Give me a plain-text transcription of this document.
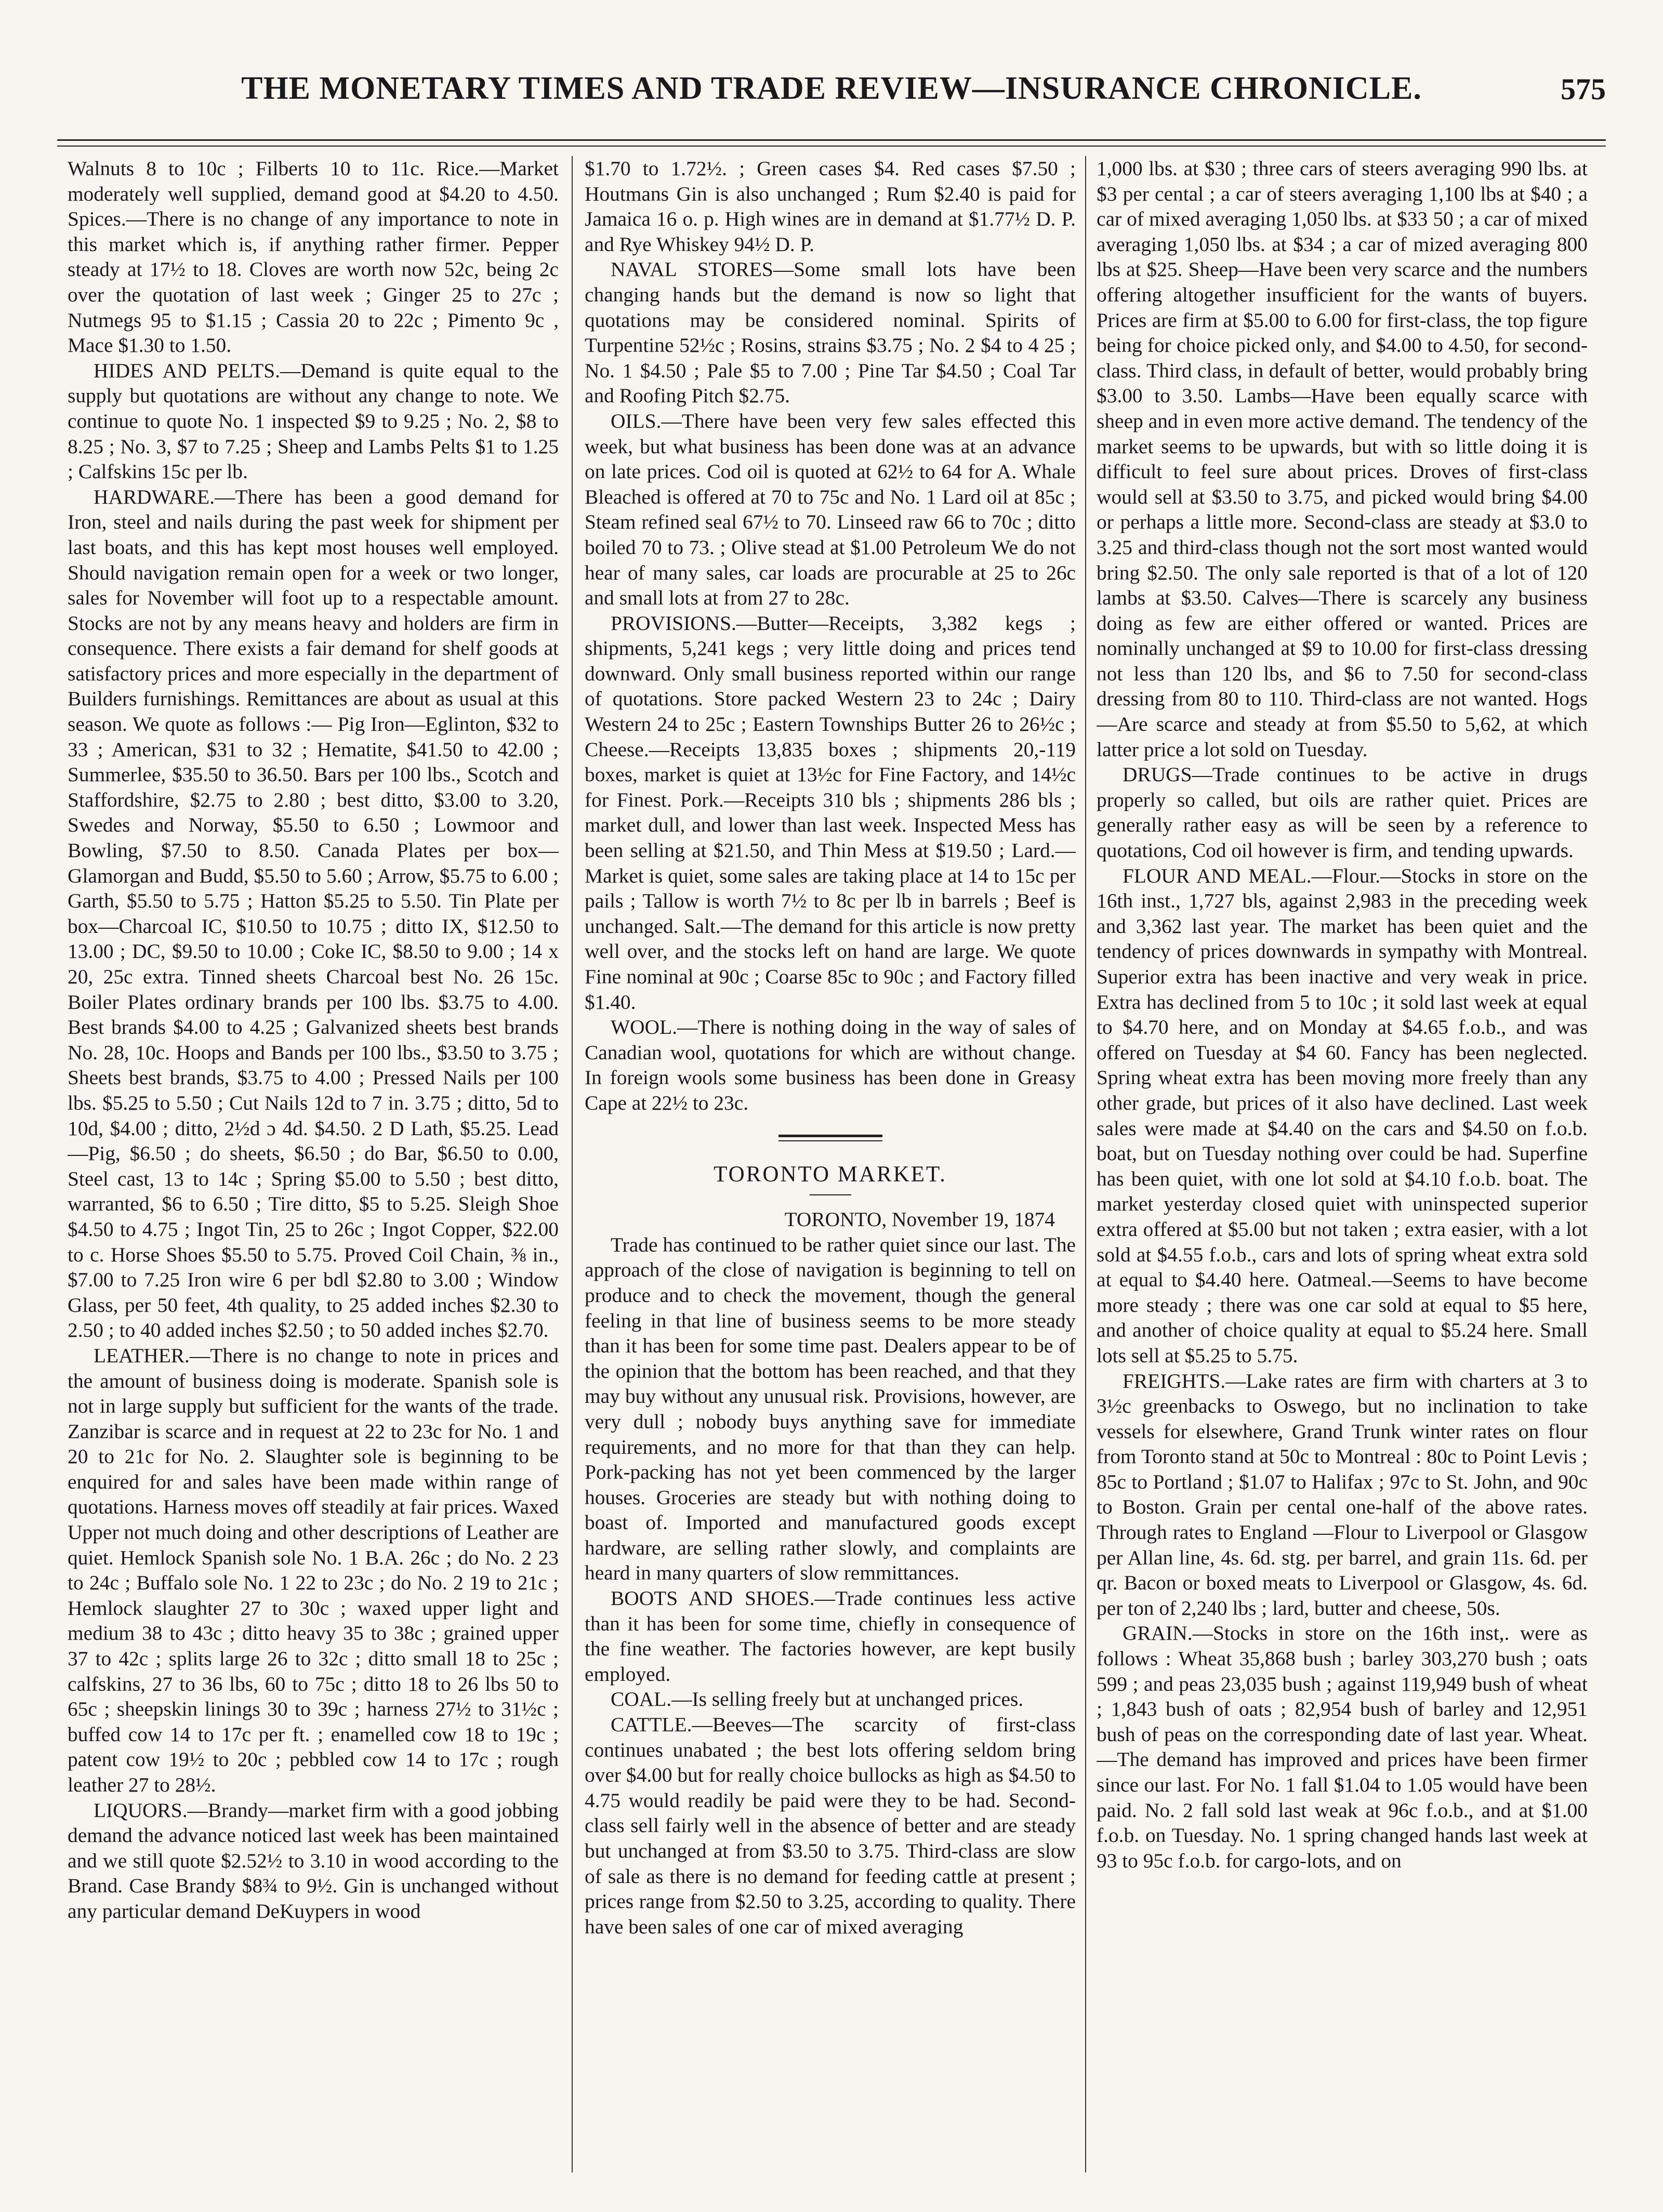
THE MONETARY TIMES AND TRADE REVIEW—INSURANCE CHRONICLE.	575

Walnuts 8 to 10c ; Filberts 10 to 11c. Rice.—Market moderately well supplied, demand good at $4.20 to 4.50. Spices.—There is no change of any importance to note in this market which is, if anything rather firmer. Pepper steady at 17½ to 18. Cloves are worth now 52c, being 2c over the quotation of last week ; Ginger 25 to 27c ; Nutmegs 95 to $1.15 ; Cassia 20 to 22c ; Pimento 9c , Mace $1.30 to 1.50.

HIDES AND PELTS.—Demand is quite equal to the supply but quotations are without any change to note. We continue to quote No. 1 inspected $9 to 9.25 ; No. 2, $8 to 8.25 ; No. 3, $7 to 7.25 ; Sheep and Lambs Pelts $1 to 1.25 ; Calfskins 15c per lb.

HARDWARE.—There has been a good demand for Iron, steel and nails during the past week for shipment per last boats, and this has kept most houses well employed. Should navigation remain open for a week or two longer, sales for November will foot up to a respectable amount. Stocks are not by any means heavy and holders are firm in consequence. There exists a fair demand for shelf goods at satisfactory prices and more especially in the department of Builders furnishings. Remittances are about as usual at this season. We quote as follows :— Pig Iron—Eglinton, $32 to 33 ; American, $31 to 32 ; Hematite, $41.50 to 42.00 ; Summerlee, $35.50 to 36.50. Bars per 100 lbs., Scotch and Staffordshire, $2.75 to 2.80 ; best ditto, $3.00 to 3.20, Swedes and Norway, $5.50 to 6.50 ; Lowmoor and Bowling, $7.50 to 8.50. Canada Plates per box—Glamorgan and Budd, $5.50 to 5.60 ; Arrow, $5.75 to 6.00 ; Garth, $5.50 to 5.75 ; Hatton $5.25 to 5.50. Tin Plate per box—Charcoal IC, $10.50 to 10.75 ; ditto IX, $12.50 to 13.00 ; DC, $9.50 to 10.00 ; Coke IC, $8.50 to 9.00 ; 14 x 20, 25c extra. Tinned sheets Charcoal best No. 26 15c. Boiler Plates ordinary brands per 100 lbs. $3.75 to 4.00. Best brands $4.00 to 4.25 ; Galvanized sheets best brands No. 28, 10c. Hoops and Bands per 100 lbs., $3.50 to 3.75 ; Sheets best brands, $3.75 to 4.00 ; Pressed Nails per 100 lbs. $5.25 to 5.50 ; Cut Nails 12d to 7 in. 3.75 ; ditto, 5d to 10d, $4.00 ; ditto, 2½d ɔ 4d. $4.50. 2 D Lath, $5.25. Lead—Pig, $6.50 ; do sheets, $6.50 ; do Bar, $6.50 to 0.00, Steel cast, 13 to 14c ; Spring $5.00 to 5.50 ; best ditto, warranted, $6 to 6.50 ; Tire ditto, $5 to 5.25. Sleigh Shoe $4.50 to 4.75 ; Ingot Tin, 25 to 26c ; Ingot Copper, $22.00 to c. Horse Shoes $5.50 to 5.75. Proved Coil Chain, ⅜ in., $7.00 to 7.25 Iron wire 6 per bdl $2.80 to 3.00 ; Window Glass, per 50 feet, 4th quality, to 25 added inches $2.30 to 2.50 ; to 40 added inches $2.50 ; to 50 added inches $2.70.

LEATHER.—There is no change to note in prices and the amount of business doing is moderate. Spanish sole is not in large supply but sufficient for the wants of the trade. Zanzibar is scarce and in request at 22 to 23c for No. 1 and 20 to 21c for No. 2. Slaughter sole is beginning to be enquired for and sales have been made within range of quotations. Harness moves off steadily at fair prices. Waxed Upper not much doing and other descriptions of Leather are quiet. Hemlock Spanish sole No. 1 B.A. 26c ; do No. 2 23 to 24c ; Buffalo sole No. 1 22 to 23c ; do No. 2 19 to 21c ; Hemlock slaughter 27 to 30c ; waxed upper light and medium 38 to 43c ; ditto heavy 35 to 38c ; grained upper 37 to 42c ; splits large 26 to 32c ; ditto small 18 to 25c ; calfskins, 27 to 36 lbs, 60 to 75c ; ditto 18 to 26 lbs 50 to 65c ; sheepskin linings 30 to 39c ; harness 27½ to 31½c ; buffed cow 14 to 17c per ft. ; enamelled cow 18 to 19c ; patent cow 19½ to 20c ; pebbled cow 14 to 17c ; rough leather 27 to 28½.

LIQUORS.—Brandy—market firm with a good jobbing demand the advance noticed last week has been maintained and we still quote $2.52½ to 3.10 in wood according to the Brand. Case Brandy $8¾ to 9½. Gin is unchanged without any particular demand DeKuypers in wood

$1.70 to 1.72½. ; Green cases $4. Red cases $7.50 ; Houtmans Gin is also unchanged ; Rum $2.40 is paid for Jamaica 16 o. p. High wines are in demand at $1.77½ D. P. and Rye Whiskey 94½ D. P.

NAVAL STORES—Some small lots have been changing hands but the demand is now so light that quotations may be considered nominal. Spirits of Turpentine 52½c ; Rosins, strains $3.75 ; No. 2 $4 to 4 25 ; No. 1 $4.50 ; Pale $5 to 7.00 ; Pine Tar $4.50 ; Coal Tar and Roofing Pitch $2.75.

OILS.—There have been very few sales effected this week, but what business has been done was at an advance on late prices. Cod oil is quoted at 62½ to 64 for A. Whale Bleached is offered at 70 to 75c and No. 1 Lard oil at 85c ; Steam refined seal 67½ to 70. Linseed raw 66 to 70c ; ditto boiled 70 to 73. ; Olive stead at $1.00 Petroleum We do not hear of many sales, car loads are procurable at 25 to 26c and small lots at from 27 to 28c.

PROVISIONS.—Butter—Receipts, 3,382 kegs ; shipments, 5,241 kegs ; very little doing and prices tend downward. Only small business reported within our range of quotations. Store packed Western 23 to 24c ; Dairy Western 24 to 25c ; Eastern Townships Butter 26 to 26½c ; Cheese.—Receipts 13,835 boxes ; shipments 20,-119 boxes, market is quiet at 13½c for Fine Factory, and 14½c for Finest. Pork.—Receipts 310 bls ; shipments 286 bls ; market dull, and lower than last week. Inspected Mess has been selling at $21.50, and Thin Mess at $19.50 ; Lard.—Market is quiet, some sales are taking place at 14 to 15c per pails ; Tallow is worth 7½ to 8c per lb in barrels ; Beef is unchanged. Salt.—The demand for this article is now pretty well over, and the stocks left on hand are large. We quote Fine nominal at 90c ; Coarse 85c to 90c ; and Factory filled $1.40.

WOOL.—There is nothing doing in the way of sales of Canadian wool, quotations for which are without change. In foreign wools some business has been done in Greasy Cape at 22½ to 23c.

TORONTO MARKET.

TORONTO, November 19, 1874

Trade has continued to be rather quiet since our last. The approach of the close of navigation is beginning to tell on produce and to check the movement, though the general feeling in that line of business seems to be more steady than it has been for some time past. Dealers appear to be of the opinion that the bottom has been reached, and that they may buy without any unusual risk. Provisions, however, are very dull ; nobody buys anything save for immediate requirements, and no more for that than they can help. Pork-packing has not yet been commenced by the larger houses. Groceries are steady but with nothing doing to boast of. Imported and manufactured goods except hardware, are selling rather slowly, and complaints are heard in many quarters of slow remmittances.

BOOTS AND SHOES.—Trade continues less active than it has been for some time, chiefly in consequence of the fine weather. The factories however, are kept busily employed.

COAL.—Is selling freely but at unchanged prices.

CATTLE.—Beeves—The scarcity of first-class continues unabated ; the best lots offering seldom bring over $4.00 but for really choice bullocks as high as $4.50 to 4.75 would readily be paid were they to be had. Second-class sell fairly well in the absence of better and are steady but unchanged at from $3.50 to 3.75. Third-class are slow of sale as there is no demand for feeding cattle at present ; prices range from $2.50 to 3.25, according to quality. There have been sales of one car of mixed averaging

1,000 lbs. at $30 ; three cars of steers averaging 990 lbs. at $3 per cental ; a car of steers averaging 1,100 lbs at $40 ; a car of mixed averaging 1,050 lbs. at $33 50 ; a car of mixed averaging 1,050 lbs. at $34 ; a car of mized averaging 800 lbs at $25. Sheep—Have been very scarce and the numbers offering altogether insufficient for the wants of buyers. Prices are firm at $5.00 to 6.00 for first-class, the top figure being for choice picked only, and $4.00 to 4.50, for second-class. Third class, in default of better, would probably bring $3.00 to 3.50. Lambs—Have been equally scarce with sheep and in even more active demand. The tendency of the market seems to be upwards, but with so little doing it is difficult to feel sure about prices. Droves of first-class would sell at $3.50 to 3.75, and picked would bring $4.00 or perhaps a little more. Second-class are steady at $3.0 to 3.25 and third-class though not the sort most wanted would bring $2.50. The only sale reported is that of a lot of 120 lambs at $3.50. Calves—There is scarcely any business doing as few are either offered or wanted. Prices are nominally unchanged at $9 to 10.00 for first-class dressing not less than 120 lbs, and $6 to 7.50 for second-class dressing from 80 to 110. Third-class are not wanted. Hogs—Are scarce and steady at from $5.50 to 5,62, at which latter price a lot sold on Tuesday.

DRUGS—Trade continues to be active in drugs properly so called, but oils are rather quiet. Prices are generally rather easy as will be seen by a reference to quotations, Cod oil however is firm, and tending upwards.

FLOUR AND MEAL.—Flour.—Stocks in store on the 16th inst., 1,727 bls, against 2,983 in the preceding week and 3,362 last year. The market has been quiet and the tendency of prices downwards in sympathy with Montreal. Superior extra has been inactive and very weak in price. Extra has declined from 5 to 10c ; it sold last week at equal to $4.70 here, and on Monday at $4.65 f.o.b., and was offered on Tuesday at $4 60. Fancy has been neglected. Spring wheat extra has been moving more freely than any other grade, but prices of it also have declined. Last week sales were made at $4.40 on the cars and $4.50 on f.o.b. boat, but on Tuesday nothing over could be had. Superfine has been quiet, with one lot sold at $4.10 f.o.b. boat. The market yesterday closed quiet with uninspected superior extra offered at $5.00 but not taken ; extra easier, with a lot sold at $4.55 f.o.b., cars and lots of spring wheat extra sold at equal to $4.40 here. Oatmeal.—Seems to have become more steady ; there was one car sold at equal to $5 here, and another of choice quality at equal to $5.24 here. Small lots sell at $5.25 to 5.75.

FREIGHTS.—Lake rates are firm with charters at 3 to 3½c greenbacks to Oswego, but no inclination to take vessels for elsewhere, Grand Trunk winter rates on flour from Toronto stand at 50c to Montreal : 80c to Point Levis ; 85c to Portland ; $1.07 to Halifax ; 97c to St. John, and 90c to Boston. Grain per cental one-half of the above rates. Through rates to England —Flour to Liverpool or Glasgow per Allan line, 4s. 6d. stg. per barrel, and grain 11s. 6d. per qr. Bacon or boxed meats to Liverpool or Glasgow, 4s. 6d. per ton of 2,240 lbs ; lard, butter and cheese, 50s.

GRAIN.—Stocks in store on the 16th inst,. were as follows : Wheat 35,868 bush ; barley 303,270 bush ; oats 599 ; and peas 23,035 bush ; against 119,949 bush of wheat ; 1,843 bush of oats ; 82,954 bush of barley and 12,951 bush of peas on the corresponding date of last year. Wheat.—The demand has improved and prices have been firmer since our last. For No. 1 fall $1.04 to 1.05 would have been paid. No. 2 fall sold last weak at 96c f.o.b., and at $1.00 f.o.b. on Tuesday. No. 1 spring changed hands last week at 93 to 95c f.o.b. for cargo-lots, and on
